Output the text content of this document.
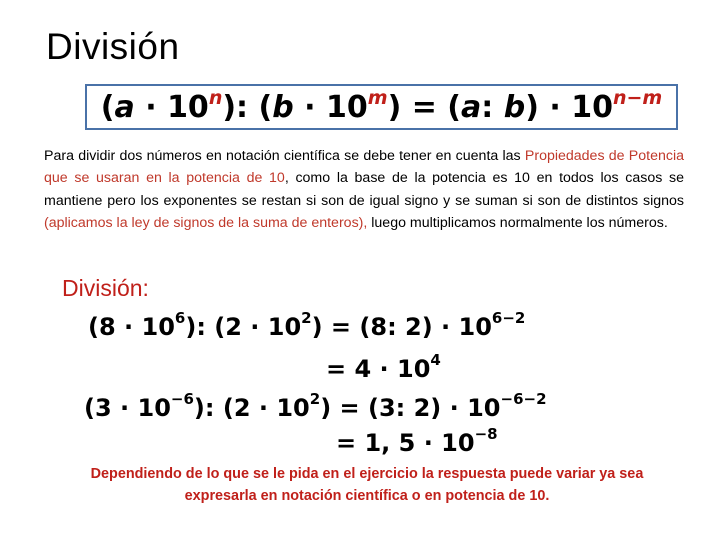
División
$(a \cdot 10^n)$: $(b \cdot 10^m) = (a$: $b) \cdot 10^{n-m}$
Para dividir dos números en notación científica se debe tener en cuenta las Propiedades de Potencia que se usaran en la potencia de 10, como la base de la potencia es 10 en todos los casos se mantiene pero los exponentes se restan si son de igual signo y se suman si son de distintos signos (aplicamos la ley de signos de la suma de enteros), luego multiplicamos normalmente los números.
División:
$(8 \cdot 10^6)$: $(2 \cdot 10^2) = (8$: $2) \cdot 10^{6-2}$
= $4 \cdot 10^4$
$(3 \cdot 10^{-6})$: $(2 \cdot 10^2) = (3$: $2) \cdot 10^{-6-2}$
= 1, $5 \cdot 10^{-8}$
Dependiendo de lo que se le pida en el ejercicio la respuesta puede variar ya sea expresarla en notación científica o en potencia de 10.
